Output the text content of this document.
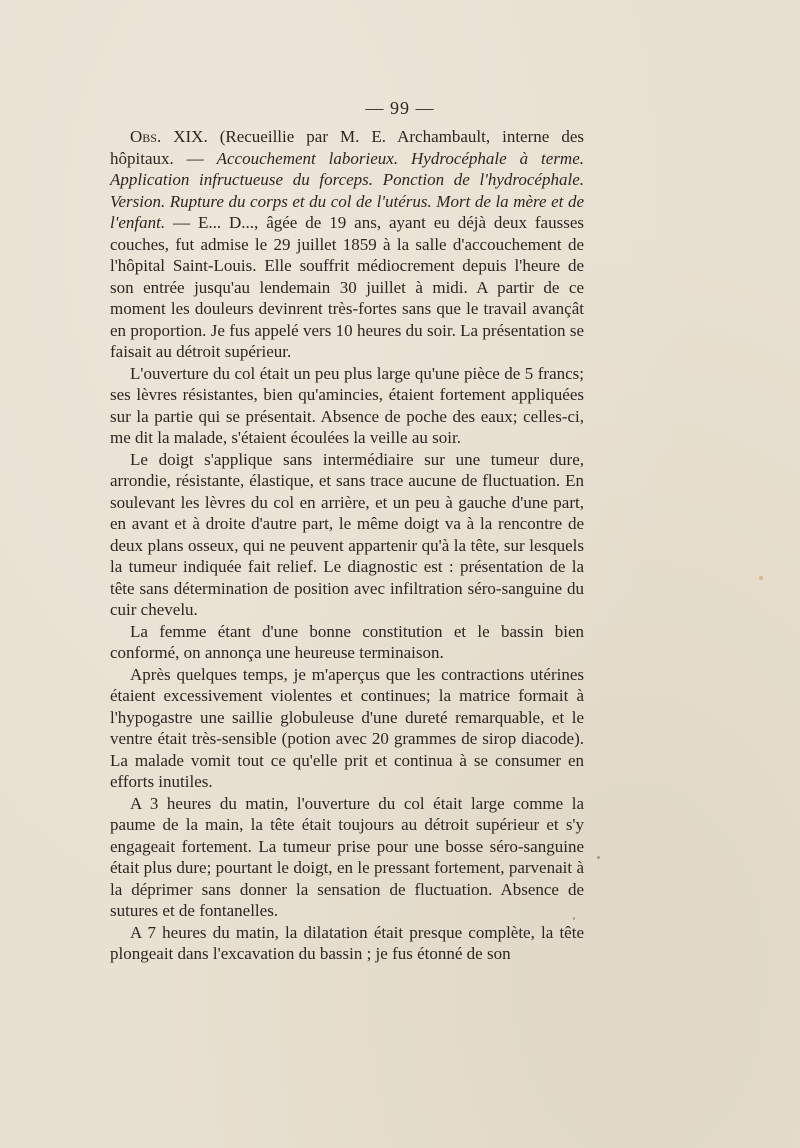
— 99 —

Obs. XIX. (Recueillie par M. E. Archambault, interne des hôpitaux. — Accouchement laborieux. Hydrocéphale à terme. Application infructueuse du forceps. Ponction de l'hydrocéphale. Version. Rupture du corps et du col de l'utérus. Mort de la mère et de l'enfant. — E... D..., âgée de 19 ans, ayant eu déjà deux fausses couches, fut admise le 29 juillet 1859 à la salle d'accouchement de l'hôpital Saint-Louis. Elle souffrit médiocrement depuis l'heure de son entrée jusqu'au lendemain 30 juillet à midi. A partir de ce moment les douleurs devinrent très-fortes sans que le travail avançât en proportion. Je fus appelé vers 10 heures du soir. La présentation se faisait au détroit supérieur.

L'ouverture du col était un peu plus large qu'une pièce de 5 francs; ses lèvres résistantes, bien qu'amincies, étaient fortement appliquées sur la partie qui se présentait. Absence de poche des eaux; celles-ci, me dit la malade, s'étaient écoulées la veille au soir.

Le doigt s'applique sans intermédiaire sur une tumeur dure, arrondie, résistante, élastique, et sans trace aucune de fluctuation. En soulevant les lèvres du col en arrière, et un peu à gauche d'une part, en avant et à droite d'autre part, le même doigt va à la rencontre de deux plans osseux, qui ne peuvent appartenir qu'à la tête, sur lesquels la tumeur indiquée fait relief. Le diagnostic est : présentation de la tête sans détermination de position avec infiltration séro-sanguine du cuir chevelu.

La femme étant d'une bonne constitution et le bassin bien conformé, on annonça une heureuse terminaison.

Après quelques temps, je m'aperçus que les contractions utérines étaient excessivement violentes et continues; la matrice formait à l'hypogastre une saillie globuleuse d'une dureté remarquable, et le ventre était très-sensible (potion avec 20 grammes de sirop diacode). La malade vomit tout ce qu'elle prit et continua à se consumer en efforts inutiles.

A 3 heures du matin, l'ouverture du col était large comme la paume de la main, la tête était toujours au détroit supérieur et s'y engageait fortement. La tumeur prise pour une bosse séro-sanguine était plus dure; pourtant le doigt, en le pressant fortement, parvenait à la déprimer sans donner la sensation de fluctuation. Absence de sutures et de fontanelles.

A 7 heures du matin, la dilatation était presque complète, la tête plongeait dans l'excavation du bassin ; je fus étonné de son
